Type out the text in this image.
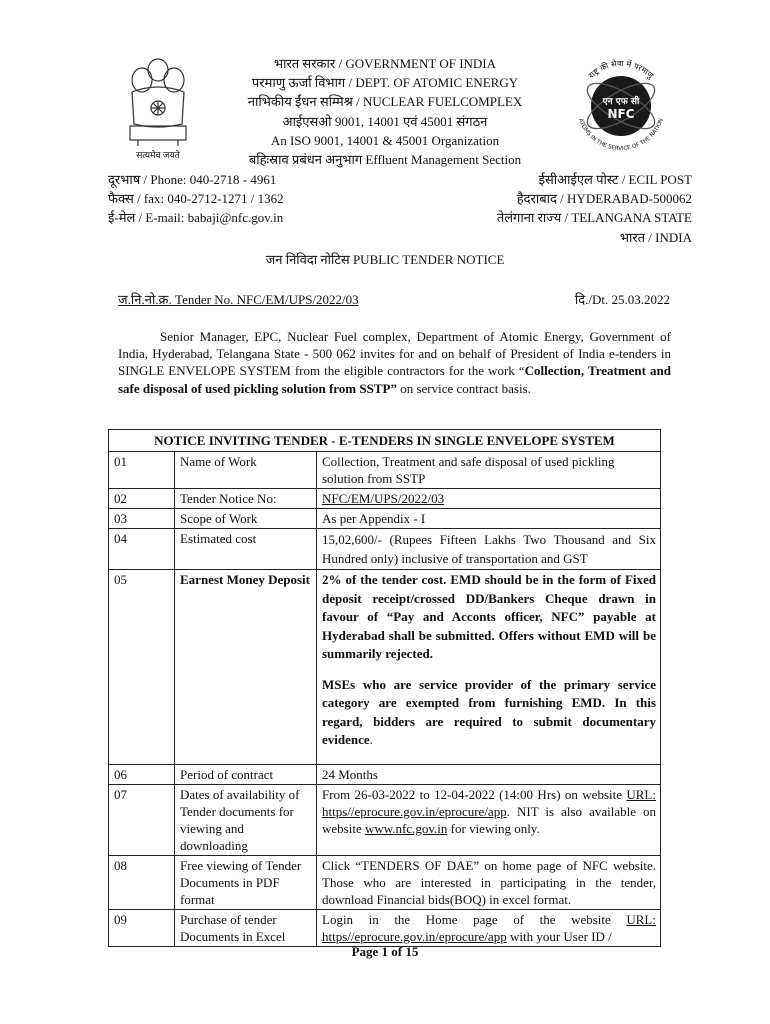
सत्यमेव जयते
राष्ट्र की सेवा में परमाणु
ATOMS IN THE SERVICE OF THE NATION
एन एफ सी
NFC
भारत सरकार / GOVERNMENT OF INDIA
परमाणु ऊर्जा विभाग / DEPT. OF ATOMIC ENERGY
नाभिकीय ईंधन सम्मिश्र / NUCLEAR FUELCOMPLEX
आईएसओ 9001, 14001 एवं 45001 संगठन
An ISO 9001, 14001 & 45001 Organization
बहिःस्राव प्रबंधन अनुभाग Effluent Management Section
दूरभाष / Phone: 040-2718 - 4961
फैक्स / fax: 040-2712-1271 / 1362
ई-मेल / E-mail: babaji@nfc.gov.in
ईसीआईएल पोस्ट / ECIL POST
हैदराबाद / HYDERABAD-500062
तेलंगाना राज्य / TELANGANA STATE
भारत / INDIA
जन निविदा नोटिस PUBLIC TENDER NOTICE
ज.नि.नो.क्र. Tender No. NFC/EM/UPS/2022/03	दि./Dt. 25.03.2022
Senior Manager, EPC, Nuclear Fuel complex, Department of Atomic Energy, Government of India, Hyderabad, Telangana State - 500 062 invites for and on behalf of President of India e-tenders in SINGLE ENVELOPE SYSTEM from the eligible contractors for the work “Collection, Treatment and safe disposal of used pickling solution from SSTP” on service contract basis.
NOTICE INVITING TENDER - E-TENDERS IN SINGLE ENVELOPE SYSTEM		
01	Name of Work	Collection, Treatment and safe disposal of used pickling solution from SSTP
02	Tender Notice No:	NFC/EM/UPS/2022/03
03	Scope of Work	As per Appendix - I
04	Estimated cost	15,02,600/- (Rupees Fifteen Lakhs Two Thousand and Six Hundred only) inclusive of transportation and GST
05	Earnest Money Deposit	2% of the tender cost. EMD should be in the form of Fixed deposit receipt/crossed DD/Bankers Cheque drawn in favour of “Pay and Acconts officer, NFC” payable at Hyderabad shall be submitted. Offers without EMD will be summarily rejected.
MSEs who are service provider of the primary service category are exempted from furnishing EMD. In this regard, bidders are required to submit documentary evidence.

06	Period of contract	24 Months
07	Dates of availability of Tender documents for viewing and downloading	From 26-03-2022 to 12-04-2022 (14:00 Hrs) on website URL: https//eprocure.gov.in/eprocure/app. NIT is also available on website www.nfc.gov.in for viewing only.
08	Free viewing of Tender Documents in PDF format	Click “TENDERS OF DAE” on home page of NFC website. Those who are interested in participating in the tender, download Financial bids(BOQ) in excel format.
09	Purchase of tender Documents in Excel	Login in the Home page of the website URL: https//eprocure.gov.in/eprocure/app with your User ID /
Page 1 of 15
